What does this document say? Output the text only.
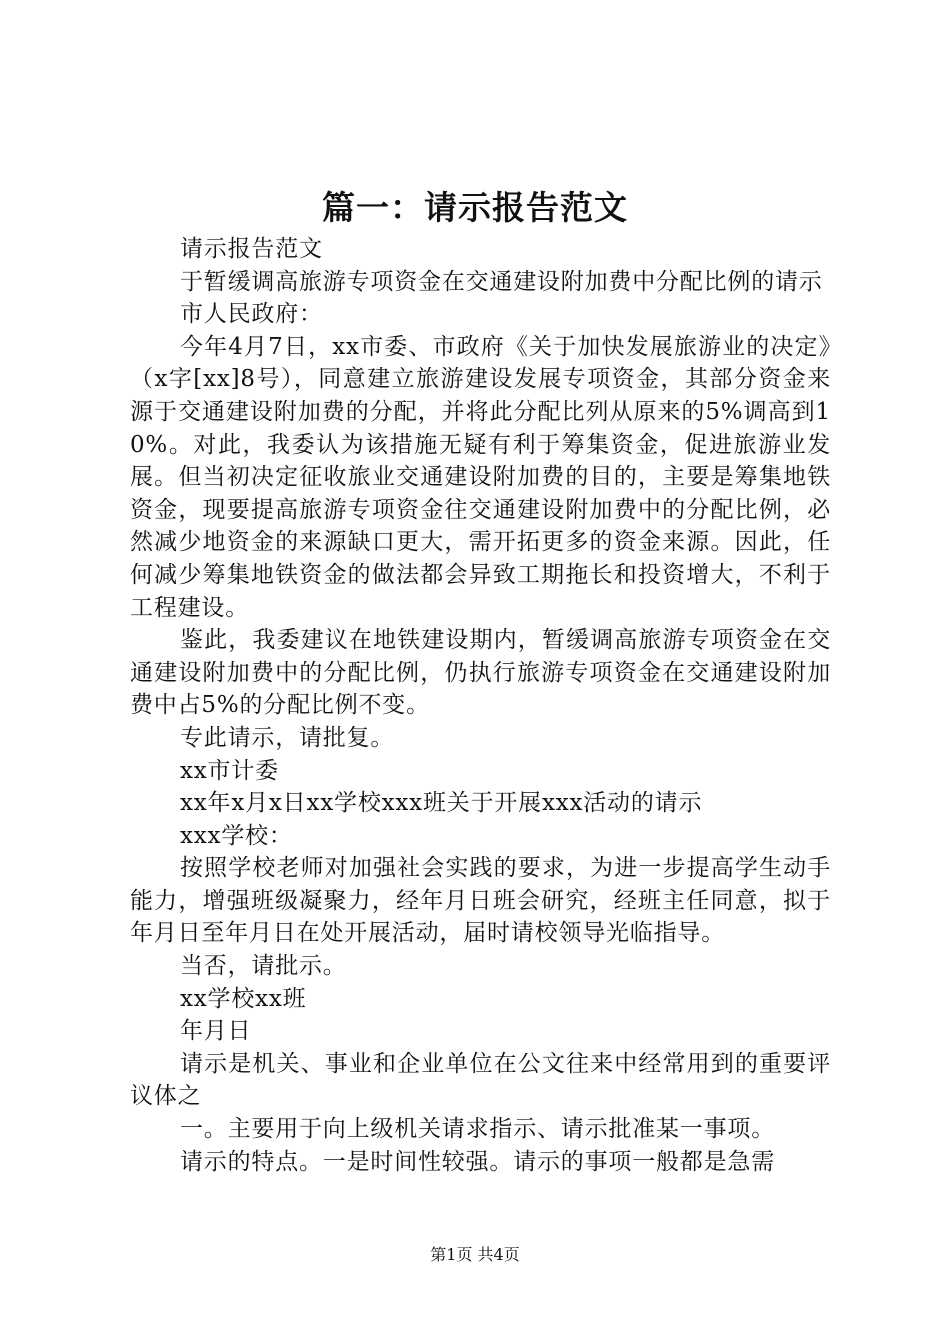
篇一：请示报告范文

请示报告范文

于暂缓调高旅游专项资金在交通建设附加费中分配比例的请示

市人民政府：

今年4月7日，xx市委、市政府《关于加快发展旅游业的决定》（x字[xx]8号），同意建立旅游建设发展专项资金，其部分资金来源于交通建设附加费的分配，并将此分配比列从原来的5%调高到10%。对此，我委认为该措施无疑有利于筹集资金，促进旅游业发展。但当初决定征收旅业交通建设附加费的目的，主要是筹集地铁资金，现要提高旅游专项资金往交通建设附加费中的分配比例，必然减少地资金的来源缺口更大，需开拓更多的资金来源。因此，任何减少筹集地铁资金的做法都会异致工期拖长和投资增大，不利于工程建设。

鉴此，我委建议在地铁建设期内，暂缓调高旅游专项资金在交通建设附加费中的分配比例，仍执行旅游专项资金在交通建设附加费中占5%的分配比例不变。

专此请示，请批复。

xx市计委

xx年x月x日xx学校xxx班关于开展xxx活动的请示

xxx学校：

按照学校老师对加强社会实践的要求，为进一步提高学生动手能力，增强班级凝聚力，经年月日班会研究，经班主任同意，拟于年月日至年月日在处开展活动，届时请校领导光临指导。

当否，请批示。

xx学校xx班

年月日

请示是机关、事业和企业单位在公文往来中经常用到的重要评议体之

一。主要用于向上级机关请求指示、请示批准某一事项。

请示的特点。一是时间性较强。请示的事项一般都是急需

第1页 共4页
